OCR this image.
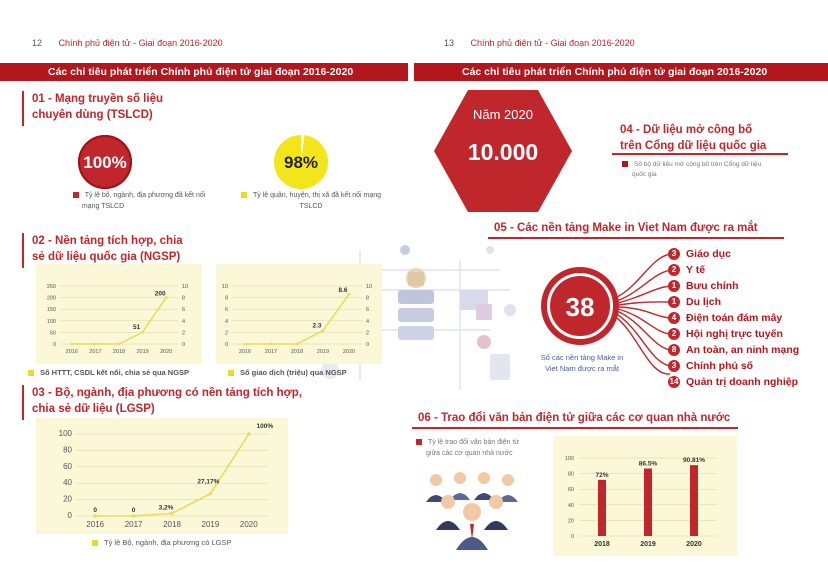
12 Chính phủ điện tử - Giai đoạn 2016-2020	13 Chính phủ điện tử - Giai đoạn 2016-2020
Các chỉ tiêu phát triển Chính phủ điện tử giai đoạn 2016-2020	Các chỉ tiêu phát triển Chính phủ điện tử giai đoạn 2016-2020
01 - Mạng truyền số liệu
chuyên dùng (TSLCD)
100%
Tỷ lệ bộ, ngành, địa phương đã kết nối
mạng TSLCD
98%
Tỷ lệ quận, huyện, thị xã đã kết nối mạng
TSLCD
02 - Nền tảng tích hợp, chia
sẻ dữ liệu quốc gia (NGSP)
250
200
150
100
50
0
10
8
6
4
2
0
2016 2017 2018 2019 2020
51
200
Số HTTT, CSDL kết nối, chia sẻ qua NGSP
10
8
6
4
2
0
10
8
6
4
2
0
2016	2017	2018	2019	2020
2.3
8.6
Số giao dịch (triệu) qua NGSP
03 - Bộ, ngành, địa phương có nền tảng tích hợp,
chia sẻ dữ liệu (LGSP)
100
80
60
40
20
0
2016	2017	2018	2019	2020
0	0	3,2%
27,17%
100%
Tỷ lệ Bộ, ngành, địa phương có LGSP
Năm 2020
10.000
04 - Dữ liệu mở công bố
trên Cổng dữ liệu quốc gia
Số bộ dữ liệu mở công bố trên Cổng dữ liệu
quốc gia
05 - Các nền tảng Make in Viet Nam được ra mắt
38
Số các nền tảng Make in
Viet Nam được ra mắt
3 Giáo dục
2 Y tế
1 Bưu chính
1 Du lịch
4 Điện toán đám mây
2 Hội nghị trực tuyến
8 An toàn, an ninh mạng
3 Chính phủ số
14 Quản trị doanh nghiệp
06 - Trao đổi văn bản điện tử giữa các cơ quan nhà nước
Tỷ lệ trao đổi văn bản điện tử
giữa các cơ quan nhà nước
100
80
60
40
20
0
72%
2018
86.5%
2019
90.81%
2020
